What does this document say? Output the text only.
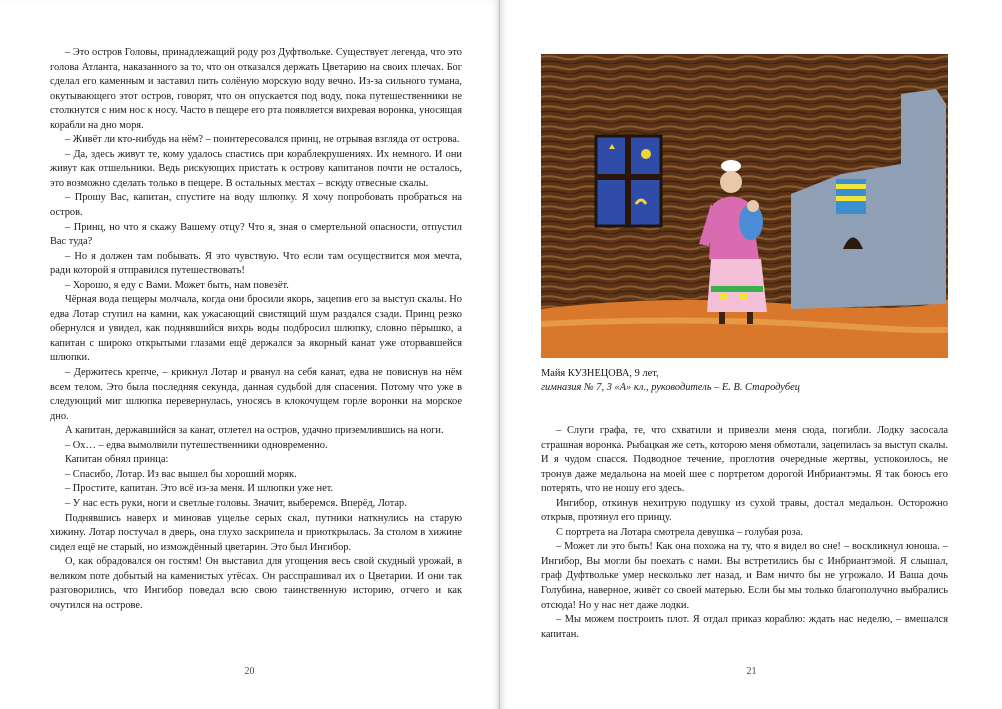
– Это остров Головы, принадлежащий роду роз Дуфтвольке. Существует легенда, что это голова Атланта, наказанного за то, что он отказался держать Цветарию на своих плечах. Бог сделал его каменным и заставил пить солёную морскую воду вечно. Из-за сильного тумана, окутывающего этот остров, говорят, что он опускается под воду, пока путешественники не столкнутся с ним нос к носу. Часто в пещере его рта появляется вихревая воронка, уносящая корабли на дно моря.

– Живёт ли кто-нибудь на нём? – поинтересовался принц, не отрывая взгляда от острова.

– Да, здесь живут те, кому удалось спастись при кораблекрушениях. Их немного. И они живут как отшельники. Ведь рискующих пристать к острову капитанов почти не осталось, это возможно сделать только в пещере. В остальных местах – всюду отвесные скалы.

– Прошу Вас, капитан, спустите на воду шлюпку. Я хочу попробовать пробраться на остров.

– Принц, но что я скажу Вашему отцу? Что я, зная о смертельной опасности, отпустил Вас туда?

– Но я должен там побывать. Я это чувствую. Что если там осуществится моя мечта, ради которой я отправился путешествовать!

– Хорошо, я еду с Вами. Может быть, нам повезёт.

Чёрная вода пещеры молчала, когда они бросили якорь, зацепив его за выступ скалы. Но едва Лотар ступил на камни, как ужасающий свистящий шум раздался сзади. Принц резко обернулся и увидел, как поднявшийся вихрь воды подбросил шлюпку, словно пёрышко, а капитан с широко открытыми глазами ещё держался за якорный канат уже оторвавшейся шлюпки.

– Держитесь крепче, – крикнул Лотар и рванул на себя канат, едва не повиснув на нём всем телом. Это была последняя секунда, данная судьбой для спасения. Потому что уже в следующий миг шлюпка перевернулась, уносясь в клокочущем горле воронки на морское дно.

А капитан, державшийся за канат, отлетел на остров, удачно приземлившись на ноги.

– Ох… – едва вымолвили путешественники одновременно.

Капитан обнял принца:

– Спасибо, Лотар. Из вас вышел бы хороший моряк.

– Простите, капитан. Это всё из-за меня. И шлюпки уже нет.

– У нас есть руки, ноги и светлые головы. Значит, выберемся. Вперёд, Лотар.

Поднявшись наверх и миновав ущелье серых скал, путники наткнулись на старую хижину. Лотар постучал в дверь, она глухо заскрипела и приоткрылась. За столом в хижине сидел ещё не старый, но измождённый цветарин. Это был Ингибор.

О, как обрадовался он гостям! Он выставил для угощения весь свой скудный урожай, в великом поте добытый на каменистых утёсах. Он расспрашивал их о Цветарии. И они так разговорились, что Ингибор поведал всю свою таинственную историю, отчего и как очутился на острове.

20
Майя КУЗНЕЦОВА, 9 лет,
гимназия № 7, 3 «А» кл., руководитель – Е. В. Стародубец

– Слуги графа, те, что схватили и привезли меня сюда, погибли. Лодку засосала страшная воронка. Рыбацкая же сеть, которою меня обмотали, зацепилась за выступ скалы. И я чудом спасся. Подводное течение, проглотив очередные жертвы, успокоилось, не тронув даже медальона на моей шее с портретом дорогой Инбриантэмы. Я так боюсь его потерять, что не ношу его здесь.

Ингибор, откинув нехитрую подушку из сухой травы, достал медальон. Осторожно открыв, протянул его принцу.

С портрета на Лотара смотрела девушка – голубая роза.

– Может ли это быть! Как она похожа на ту, что я видел во сне! – воскликнул юноша. – Ингибор, Вы могли бы поехать с нами. Вы встретились бы с Инбриантэмой. Я слышал, граф Дуфтвольке умер несколько лет назад, и Вам ничто бы не угрожало. И Ваша дочь Голубина, наверное, живёт со своей матерью. Если бы мы только благополучно выбрались отсюда! Но у нас нет даже лодки.

– Мы можем построить плот. Я отдал приказ кораблю: ждать нас неделю, – вмешался капитан.

21
